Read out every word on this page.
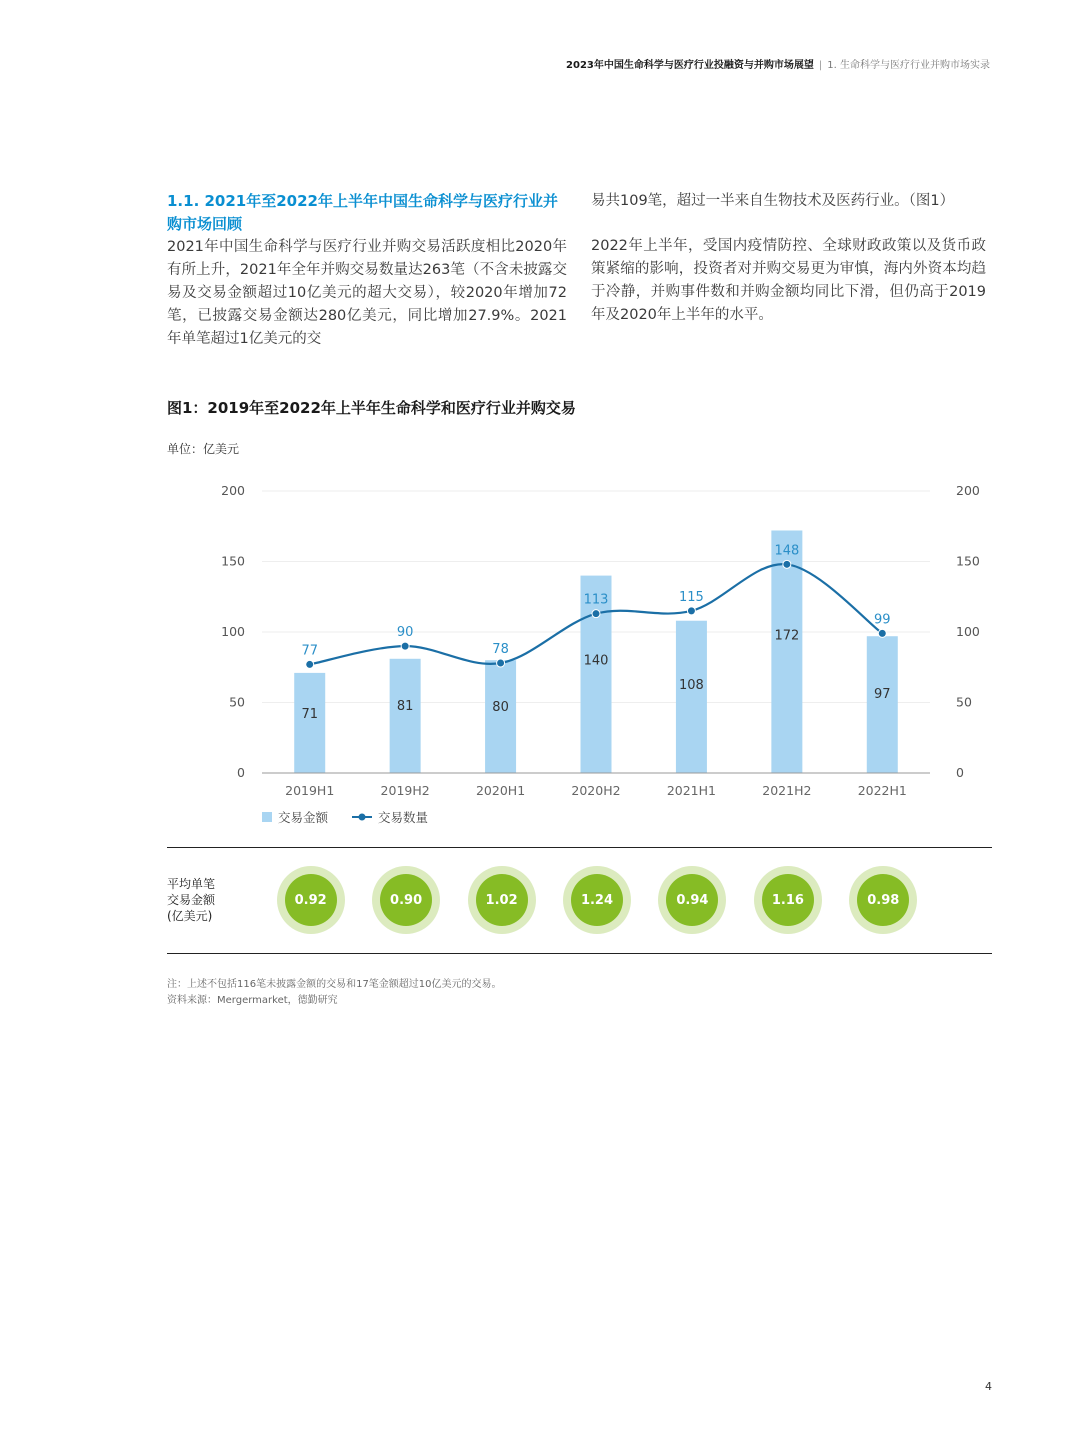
2023年中国生命科学与医疗行业投融资与并购市场展望 | 1. 生命科学与医疗行业并购市场实录
1.1. 2021年至2022年上半年中国生命科学与医疗行业并购市场回顾

2021年中国生命科学与医疗行业并购交易活跃度相比2020年有所上升，2021年全年并购交易数量达263笔（不含未披露交易及交易金额超过10亿美元的超大交易），较2020年增加72笔，已披露交易金额达280亿美元，同比增加27.9%。2021年单笔超过1亿美元的交

易共109笔，超过一半来自生物技术及医药行业。（图1）

2022年上半年，受国内疫情防控、全球财政政策以及货币政策紧缩的影响，投资者对并购交易更为审慎，海内外资本均趋于冷静，并购事件数和并购金额均同比下滑，但仍高于2019年及2020年上半年的水平。

图1：2019年至2022年上半年生命科学和医疗行业并购交易
单位：亿美元
0
50
100
150
200
0
50
100
150
200
71
81	80
140
108
172
97
77
90
78
113	115
148
99
2019H1	2019H2	2020H1	2020H2	2021H1	2021H2	2022H1
交易金额	交易数量
平均单笔
交易金额
(亿美元)
0.92	0.90	1.02	1.24	0.94	1.16	0.98
注：上述不包括116笔未披露金额的交易和17笔金额超过10亿美元的交易。
资料来源：Mergermarket，德勤研究
4
